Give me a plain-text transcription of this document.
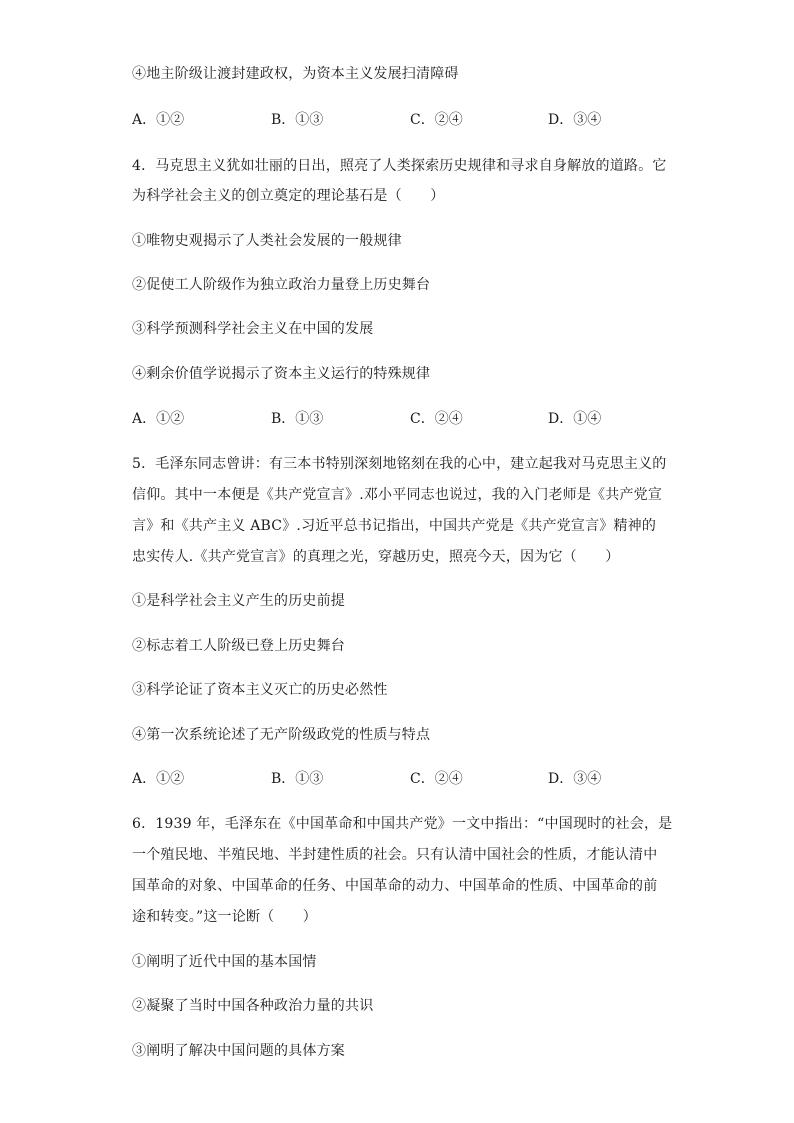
④地主阶级让渡封建政权，为资本主义发展扫清障碍
A．①②	B．①③	C．②④	D．③④
4．马克思主义犹如壮丽的日出，照亮了人类探索历史规律和寻求自身解放的道路。它
为科学社会主义的创立奠定的理论基石是（　　）
①唯物史观揭示了人类社会发展的一般规律
②促使工人阶级作为独立政治力量登上历史舞台
③科学预测科学社会主义在中国的发展
④剩余价值学说揭示了资本主义运行的特殊规律
A．①②	B．①③	C．②④	D．①④
5．毛泽东同志曾讲：有三本书特别深刻地铭刻在我的心中，建立起我对马克思主义的
信仰。其中一本便是《共产党宣言》.邓小平同志也说过，我的入门老师是《共产党宣
言》和《共产主义 ABC》.习近平总书记指出，中国共产党是《共产党宣言》精神的
忠实传人.《共产党宣言》的真理之光，穿越历史，照亮今天，因为它（　　）
①是科学社会主义产生的历史前提
②标志着工人阶级已登上历史舞台
③科学论证了资本主义灭亡的历史必然性
④第一次系统论述了无产阶级政党的性质与特点
A．①②	B．①③	C．②④	D．③④
6．1939 年，毛泽东在《中国革命和中国共产党》一文中指出：“中国现时的社会，是
一个殖民地、半殖民地、半封建性质的社会。只有认清中国社会的性质，才能认清中
国革命的对象、中国革命的任务、中国革命的动力、中国革命的性质、中国革命的前
途和转变。”这一论断（　　）
①阐明了近代中国的基本国情
②凝聚了当时中国各种政治力量的共识
③阐明了解决中国问题的具体方案
